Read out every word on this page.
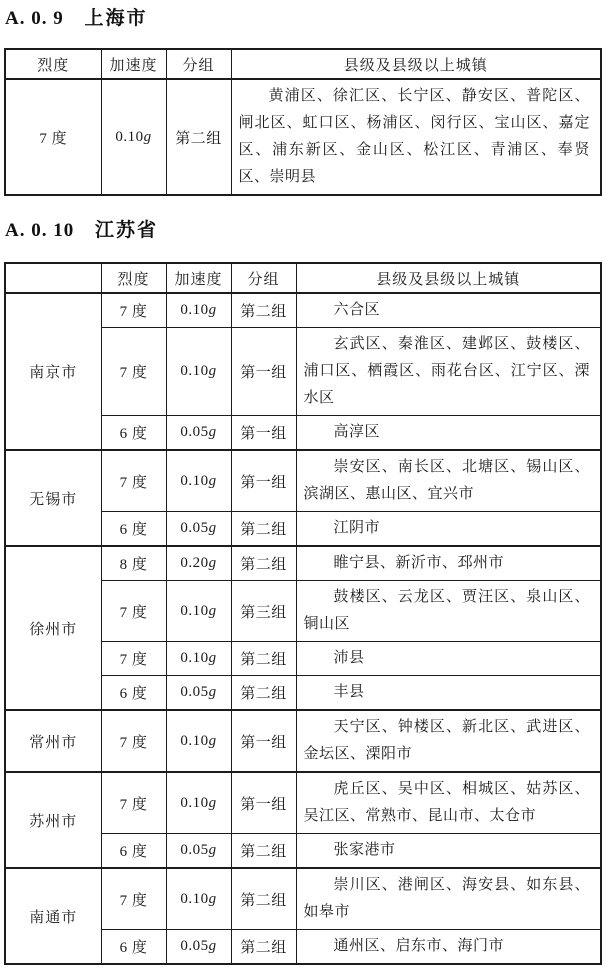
A. 0. 9 上海市
烈度	加速度	分组	县级及县级以上城镇
7 度	0.10g	第二组	黄浦区、徐汇区、长宁区、静安区、普陀区、闸北区、虹口区、杨浦区、闵行区、宝山区、嘉定区、浦东新区、金山区、松江区、青浦区、奉贤区、崇明县
A. 0. 10 江苏省
	烈度	加速度	分组	县级及县级以上城镇
南京市	7 度	0.10g	第二组	六合区
	7 度	0.10g	第一组	玄武区、秦淮区、建邺区、鼓楼区、浦口区、栖霞区、雨花台区、江宁区、溧水区
	6 度	0.05g	第一组	高淳区
无锡市	7 度	0.10g	第一组	崇安区、南长区、北塘区、锡山区、滨湖区、惠山区、宜兴市
	6 度	0.05g	第二组	江阴市
徐州市	8 度	0.20g	第二组	睢宁县、新沂市、邳州市
	7 度	0.10g	第三组	鼓楼区、云龙区、贾汪区、泉山区、铜山区
	7 度	0.10g	第二组	沛县
	6 度	0.05g	第二组	丰县
常州市	7 度	0.10g	第一组	天宁区、钟楼区、新北区、武进区、金坛区、溧阳市
苏州市	7 度	0.10g	第一组	虎丘区、吴中区、相城区、姑苏区、吴江区、常熟市、昆山市、太仓市
	6 度	0.05g	第二组	张家港市
南通市	7 度	0.10g	第二组	崇川区、港闸区、海安县、如东县、如皋市
	6 度	0.05g	第二组	通州区、启东市、海门市
